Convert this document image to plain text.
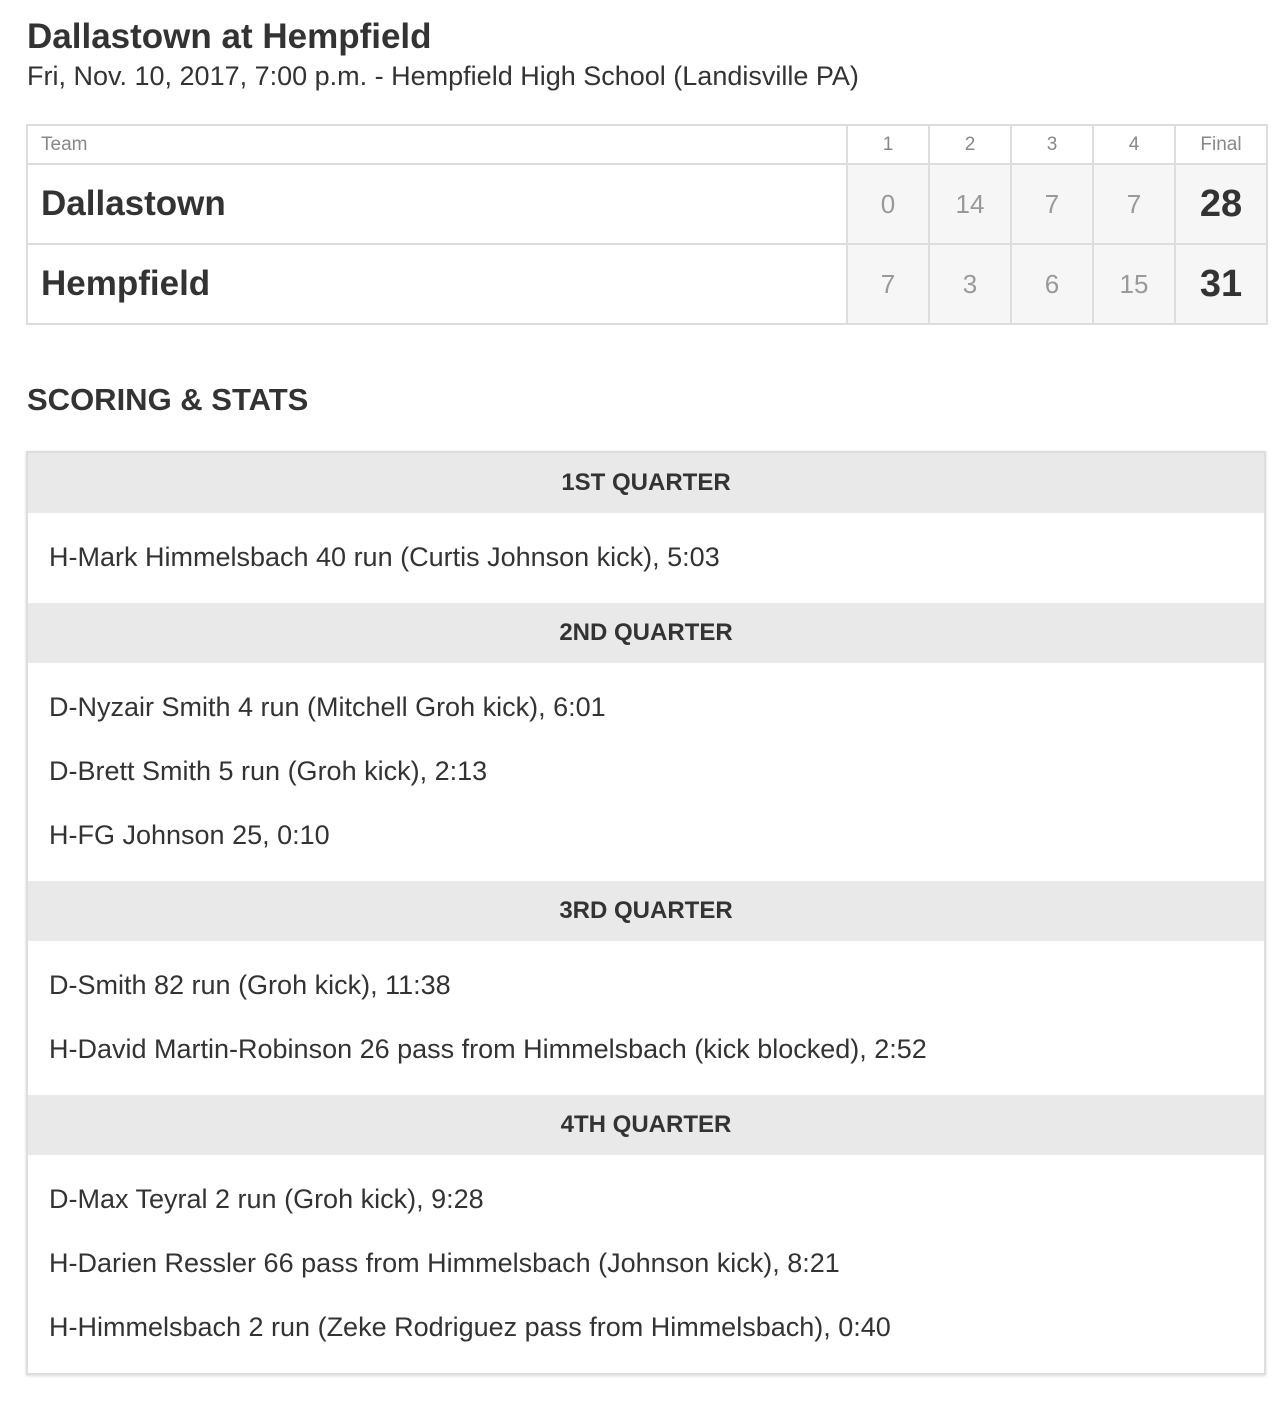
Dallastown at Hempfield
Fri, Nov. 10, 2017, 7:00 p.m. - Hempfield High School (Landisville PA)
Team	1	2	3	4	Final
Dallastown	0	14	7	7	28
Hempfield	7	3	6	15	31
SCORING & STATS
1ST QUARTER
H-Mark Himmelsbach 40 run (Curtis Johnson kick), 5:03
2ND QUARTER
D-Nyzair Smith 4 run (Mitchell Groh kick), 6:01
D-Brett Smith 5 run (Groh kick), 2:13
H-FG Johnson 25, 0:10
3RD QUARTER
D-Smith 82 run (Groh kick), 11:38
H-David Martin-Robinson 26 pass from Himmelsbach (kick blocked), 2:52
4TH QUARTER
D-Max Teyral 2 run (Groh kick), 9:28
H-Darien Ressler 66 pass from Himmelsbach (Johnson kick), 8:21
H-Himmelsbach 2 run (Zeke Rodriguez pass from Himmelsbach), 0:40
